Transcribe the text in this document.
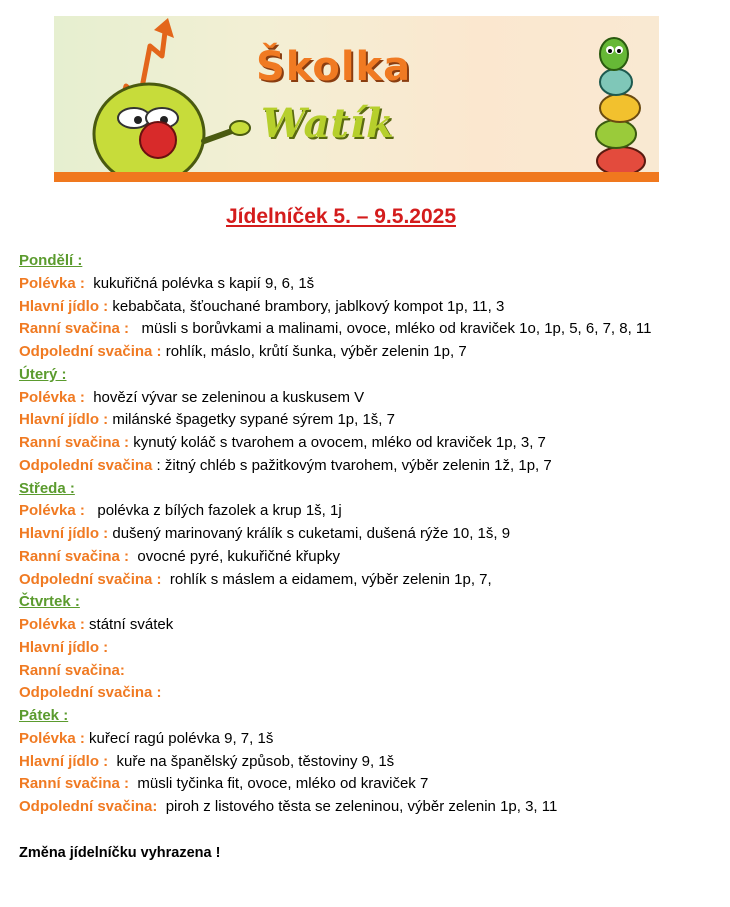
Školka
Watík
Jídelníček 5. – 9.5.2025
Pondělí :
Polévka :  kukuřičná polévka s kapií 9, 6, 1š
Hlavní jídlo : kebabčata, šťouchané brambory, jablkový kompot 1p, 11, 3
Ranní svačina :   müsli s borůvkami a malinami, ovoce, mléko od kraviček 1o, 1p, 5, 6, 7, 8, 11
Odpolední svačina : rohlík, máslo, krůtí šunka, výběr zelenin 1p, 7
Úterý :
Polévka :  hovězí vývar se zeleninou a kuskusem V
Hlavní jídlo : milánské špagetky sypané sýrem 1p, 1š, 7
Ranní svačina : kynutý koláč s tvarohem a ovocem, mléko od kraviček 1p, 3, 7
Odpolední svačina : žitný chléb s pažitkovým tvarohem, výběr zelenin 1ž, 1p, 7
Středa :
Polévka :   polévka z bílých fazolek a krup 1š, 1j
Hlavní jídlo : dušený marinovaný králík s cuketami, dušená rýže 10, 1š, 9
Ranní svačina :  ovocné pyré, kukuřičné křupky
Odpolední svačina :  rohlík s máslem a eidamem, výběr zelenin 1p, 7,
Čtvrtek :
Polévka : státní svátek
Hlavní jídlo :
Ranní svačina:
Odpolední svačina :
Pátek :
Polévka : kuřecí ragú polévka 9, 7, 1š
Hlavní jídlo :  kuře na španělský způsob, těstoviny 9, 1š
Ranní svačina :  müsli tyčinka fit, ovoce, mléko od kraviček 7
Odpolední svačina:  piroh z listového těsta se zeleninou, výběr zelenin 1p, 3, 11
Změna jídelníčku vyhrazena !
